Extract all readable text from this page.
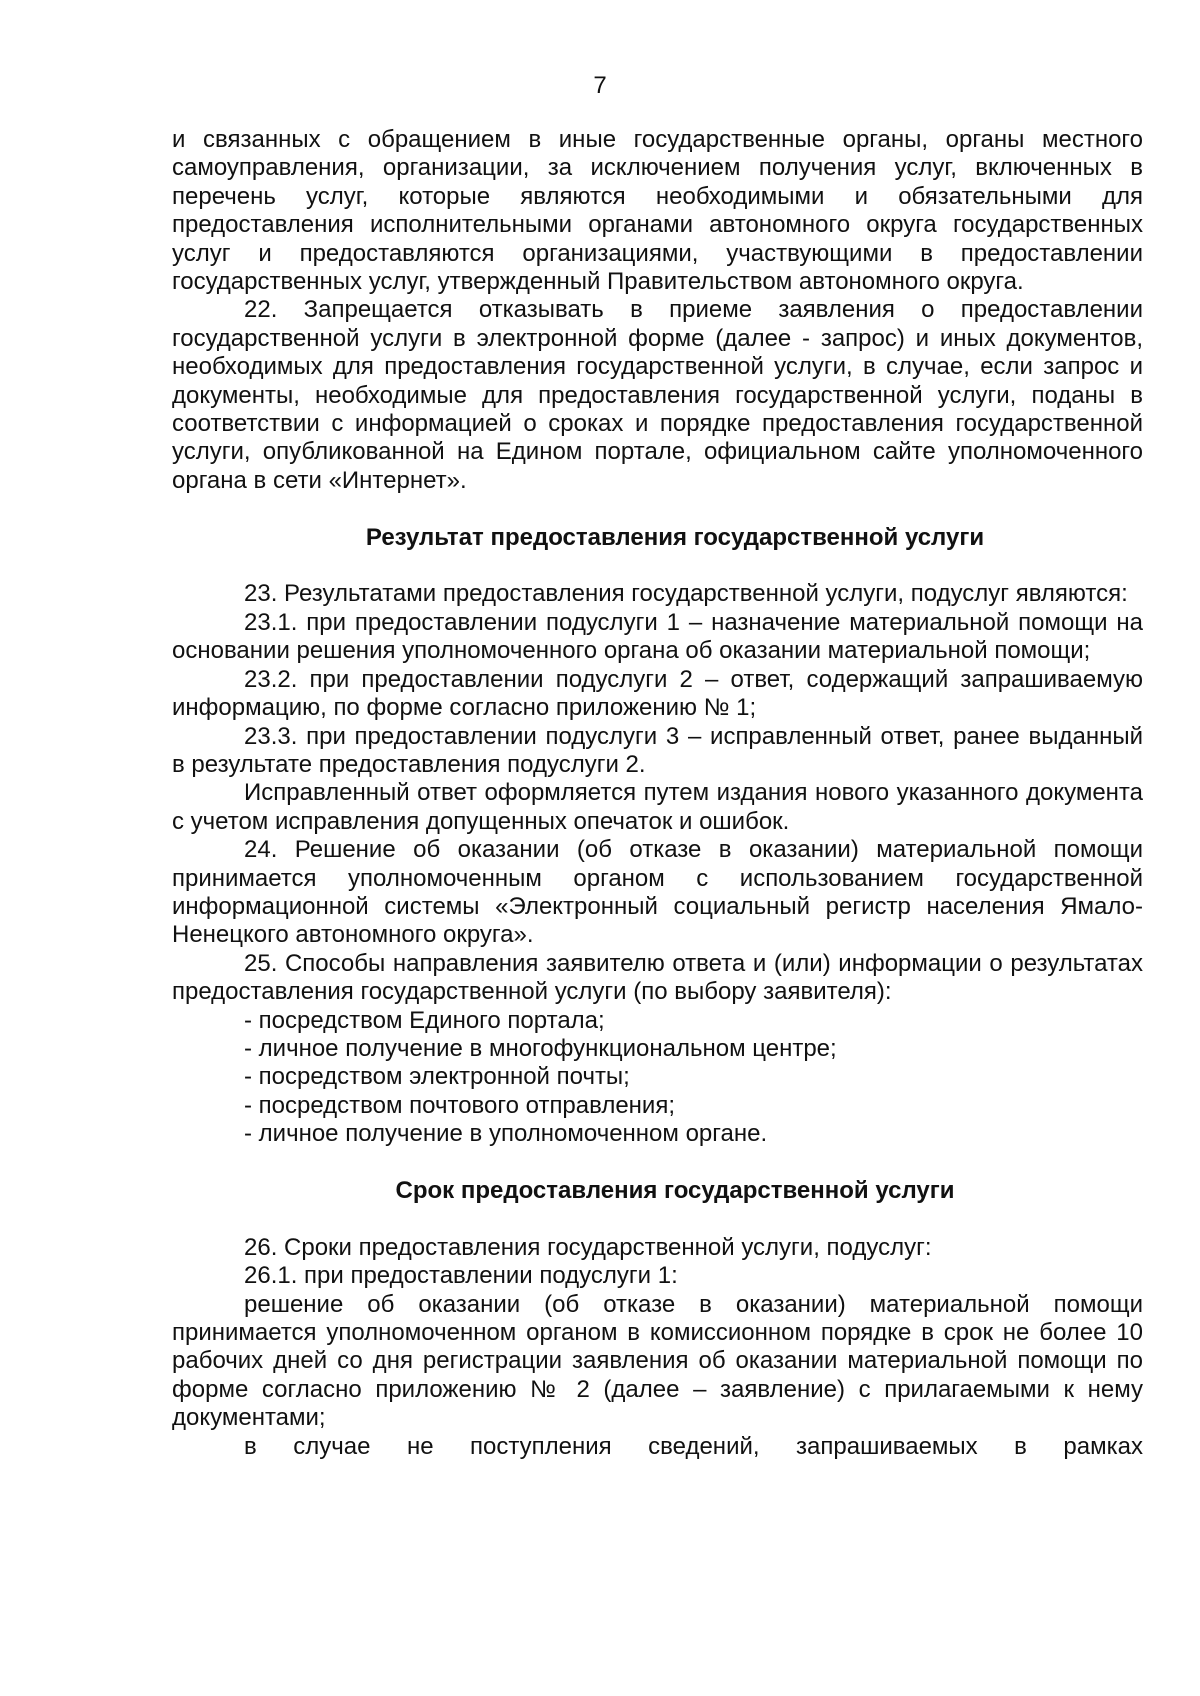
7

и связанных с обращением в иные государственные органы, органы местного самоуправления, организации, за исключением получения услуг, включенных в перечень услуг, которые являются необходимыми и обязательными для предоставления исполнительными органами автономного округа государственных услуг и предоставляются организациями, участвующими в предоставлении государственных услуг, утвержденный Правительством автономного округа.

22. Запрещается отказывать в приеме заявления о предоставлении государственной услуги в электронной форме (далее - запрос) и иных документов, необходимых для предоставления государственной услуги, в случае, если запрос и документы, необходимые для предоставления государственной услуги, поданы в соответствии с информацией о сроках и порядке предоставления государственной услуги, опубликованной на Едином портале, официальном сайте уполномоченного органа в сети «Интернет».

Результат предоставления государственной услуги

23. Результатами предоставления государственной услуги, подуслуг являются:

23.1. при предоставлении подуслуги 1 – назначение материальной помощи на основании решения уполномоченного органа об оказании материальной помощи;

23.2. при предоставлении подуслуги 2 – ответ, содержащий запрашиваемую информацию, по форме согласно приложению № 1;

23.3. при предоставлении подуслуги 3 – исправленный ответ, ранее выданный в результате предоставления подуслуги 2.

Исправленный ответ оформляется путем издания нового указанного документа с учетом исправления допущенных опечаток и ошибок.

24. Решение об оказании (об отказе в оказании) материальной помощи принимается уполномоченным органом с использованием государственной информационной системы «Электронный социальный регистр населения Ямало-Ненецкого автономного округа».

25. Способы направления заявителю ответа и (или) информации о результатах предоставления государственной услуги (по выбору заявителя):

- посредством Единого портала;

- личное получение в многофункциональном центре;

- посредством электронной почты;

- посредством почтового отправления;

- личное получение в уполномоченном органе.

Срок предоставления государственной услуги

26. Сроки предоставления государственной услуги, подуслуг:

26.1. при предоставлении подуслуги 1:

решение об оказании (об отказе в оказании) материальной помощи принимается уполномоченном органом в комиссионном порядке в срок не более 10 рабочих дней со дня регистрации заявления об оказании материальной помощи по форме согласно приложению № 2 (далее – заявление) с прилагаемыми к нему документами;

в случае не поступления сведений, запрашиваемых в рамках
